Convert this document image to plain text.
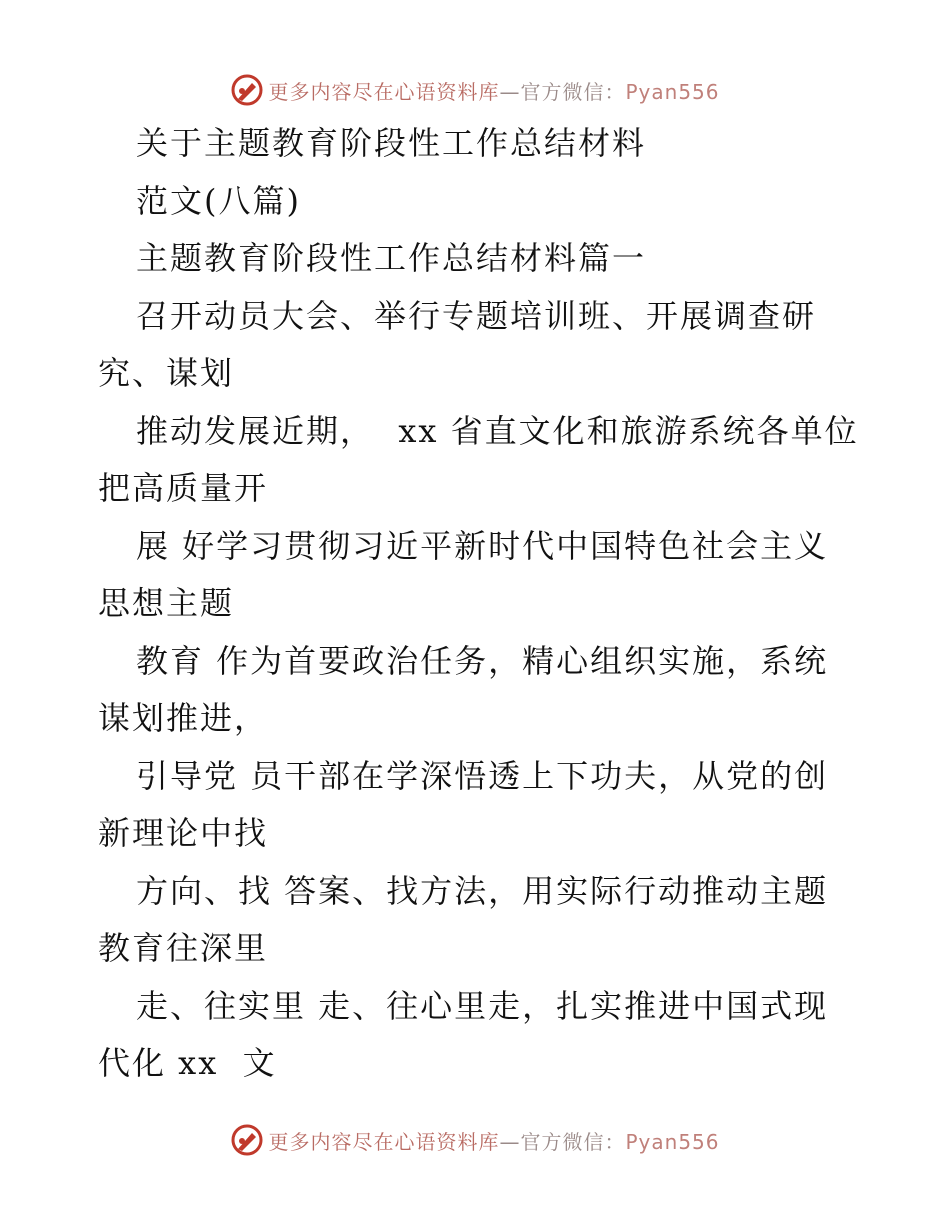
更多内容尽在心语资料库—官方微信：Pyan556
关于主题教育阶段性工作总结材料
范文(八篇)
主题教育阶段性工作总结材料篇一
召开动员大会、举行专题培训班、开展调查研
究、谋划
推动发展近期，  xx 省直文化和旅游系统各单位
把高质量开
展 好学习贯彻习近平新时代中国特色社会主义
思想主题
教育 作为首要政治任务，精心组织实施，系统
谋划推进，
引导党 员干部在学深悟透上下功夫，从党的创
新理论中找
方向、找 答案、找方法，用实际行动推动主题
教育往深里
走、往实里 走、往心里走，扎实推进中国式现
代化 xx  文
更多内容尽在心语资料库—官方微信：Pyan556
